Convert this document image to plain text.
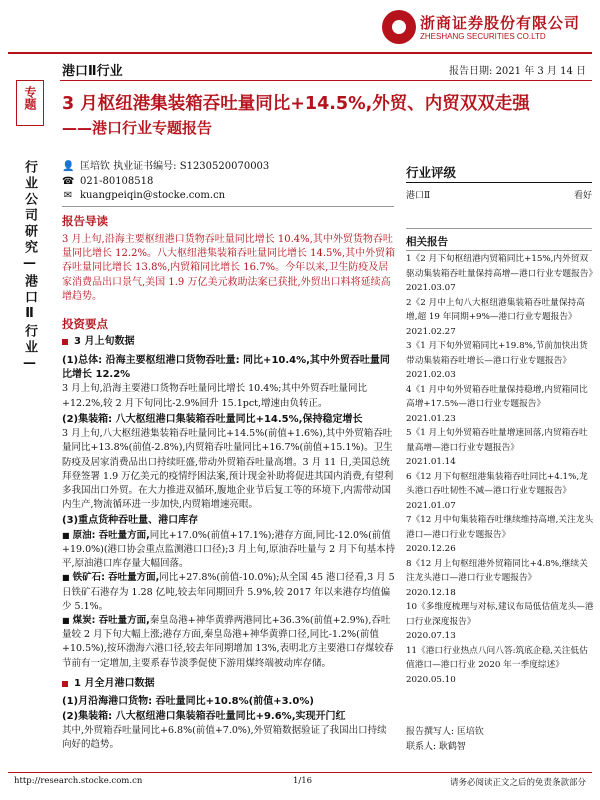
浙商证券股份有限公司
ZHESHANG SECURITIES CO.LTD
港口Ⅱ行业	报告日期: 2021 年 3 月 14 日
专题
行业公司研究—港口Ⅱ行业—
3 月枢纽港集装箱吞吐量同比+14.5%,外贸、内贸双双走强
——港口行业专题报告
👤 匡培钦 执业证书编号: S1230520070003
☎ 021-80108518
✉ kuangpeiqin@stocke.com.cn
报告导读
3 月上旬,沿海主要枢纽港口货物吞吐量同比增长 10.4%,其中外贸货物吞吐量同比增长 12.2%。八大枢纽港集装箱吞吐量同比增长 14.5%,其中外贸箱吞吐量同比增长 13.8%,内贸箱同比增长 16.7%。今年以来,卫生防疫及居家消费品出口景气,美国 1.9 万亿美元救助法案已获批,外贸出口料将延续高增趋势。
投资要点
3 月上旬数据
(1)总体: 沿海主要枢纽港口货物吞吐量: 同比+10.4%,其中外贸吞吐量同比增长 12.2%
3 月上旬,沿海主要港口货物吞吐量同比增长 10.4%;其中外贸吞吐量同比+12.2%,较 2 月下旬同比-2.9%回升 15.1pct,增速由负转正。
(2)集装箱: 八大枢纽港口集装箱吞吐量同比+14.5%,保持稳定增长
3 月上旬,八大枢纽港集装箱吞吐量同比+14.5%(前值+1.6%),其中外贸箱吞吐量同比+13.8%(前值-2.8%),内贸箱吞吐量同比+16.7%(前值+15.1%)。卫生防疫及居家消费品出口持续旺盛,带动外贸箱吞吐量高增。3 月 11 日,美国总统拜登签署 1.9 万亿美元的疫情纾困法案,预计现金补助将促进其国内消费,有望利多我国出口外贸。在大力推进双循环,腹地企业节后复工等的环境下,内需带动国内生产,物流循环进一步加快,内贸箱增速亮眼。
(3)重点货种吞吐量、港口库存
■ 原油: 吞吐量方面,同比+17.0%(前值+17.1%);港存方面,同比-12.0%(前值+19.0%)(港口协会重点监测港口口径);3 月上旬,原油吞吐量与 2 月下旬基本持平,原油港口库存量大幅回落。
■ 铁矿石: 吞吐量方面,同比+27.8%(前值-10.0%);从全国 45 港口径看,3 月 5 日铁矿石港存为 1.28 亿吨,较去年同期回升 5.9%,较 2017 年以来港存均值偏少 5.1%。
■ 煤炭: 吞吐量方面,秦皇岛港+神华黄骅两港同比+36.3%(前值+2.9%),吞吐量较 2 月下旬大幅上涨;港存方面,秦皇岛港+神华黄骅口径,同比-1.2%(前值+10.5%),按环渤海六港口径,较去年同期增加 13%,表明北方主要港口存煤较春节前有一定增加,主要系春节淡季促使下游用煤终端被动库存储。
1 月全月港口数据
(1)月沿海港口货物: 吞吐量同比+10.8%(前值+3.0%)
(2)集装箱: 八大枢纽港口集装箱吞吐量同比+9.6%,实现开门红
其中,外贸箱吞吐量同比+6.8%(前值+7.0%),外贸箱数据验证了我国出口持续向好的趋势。
行业评级
港口Ⅱ	看好
相关报告
1《2 月下旬枢纽港内贸箱同比+15%,内外贸双驱动集装箱吞吐量保持高增—港口行业专题报告》
2021.03.07
2《2 月中上旬八大枢纽港集装箱吞吐量保持高增,超 19 年同期+9%—港口行业专题报告》
2021.02.27
3《1 月下旬外贸箱同比+19.8%,节前加快出货带动集装箱吞吐增长—港口行业专题报告》
2021.02.03
4《1 月中旬外贸箱吞吐量保持稳增,内贸箱同比高增+17.5%—港口行业专题报告》
2021.01.23
5《1 月上旬外贸箱吞吐量增速回落,内贸箱吞吐量高增—港口行业专题报告》
2021.01.14
6《12 月下旬枢纽港集装箱吞吐同比+4.1%,龙头港口吞吐韧性不减—港口行业专题报告》
2021.01.07
7《12 月中旬集装箱吞吐继续维持高增,关注龙头港口—港口行业专题报告》
2020.12.26
8《12 月上旬枢纽港外贸箱同比+4.8%,继续关注龙头港口—港口行业专题报告》
2020.12.18
10《多维度梳理与对标,建议布局低估值龙头—港口行业深度报告》
2020.07.13
11《港口行业热点八问八答:筑底企稳,关注低估值港口—港口行业 2020 年一季度综述》
2020.05.10
报告撰写人: 匡培钦
联系人: 耿鹤智
http://research.stocke.com.cn	1/16	请务必阅读正文之后的免责条款部分
